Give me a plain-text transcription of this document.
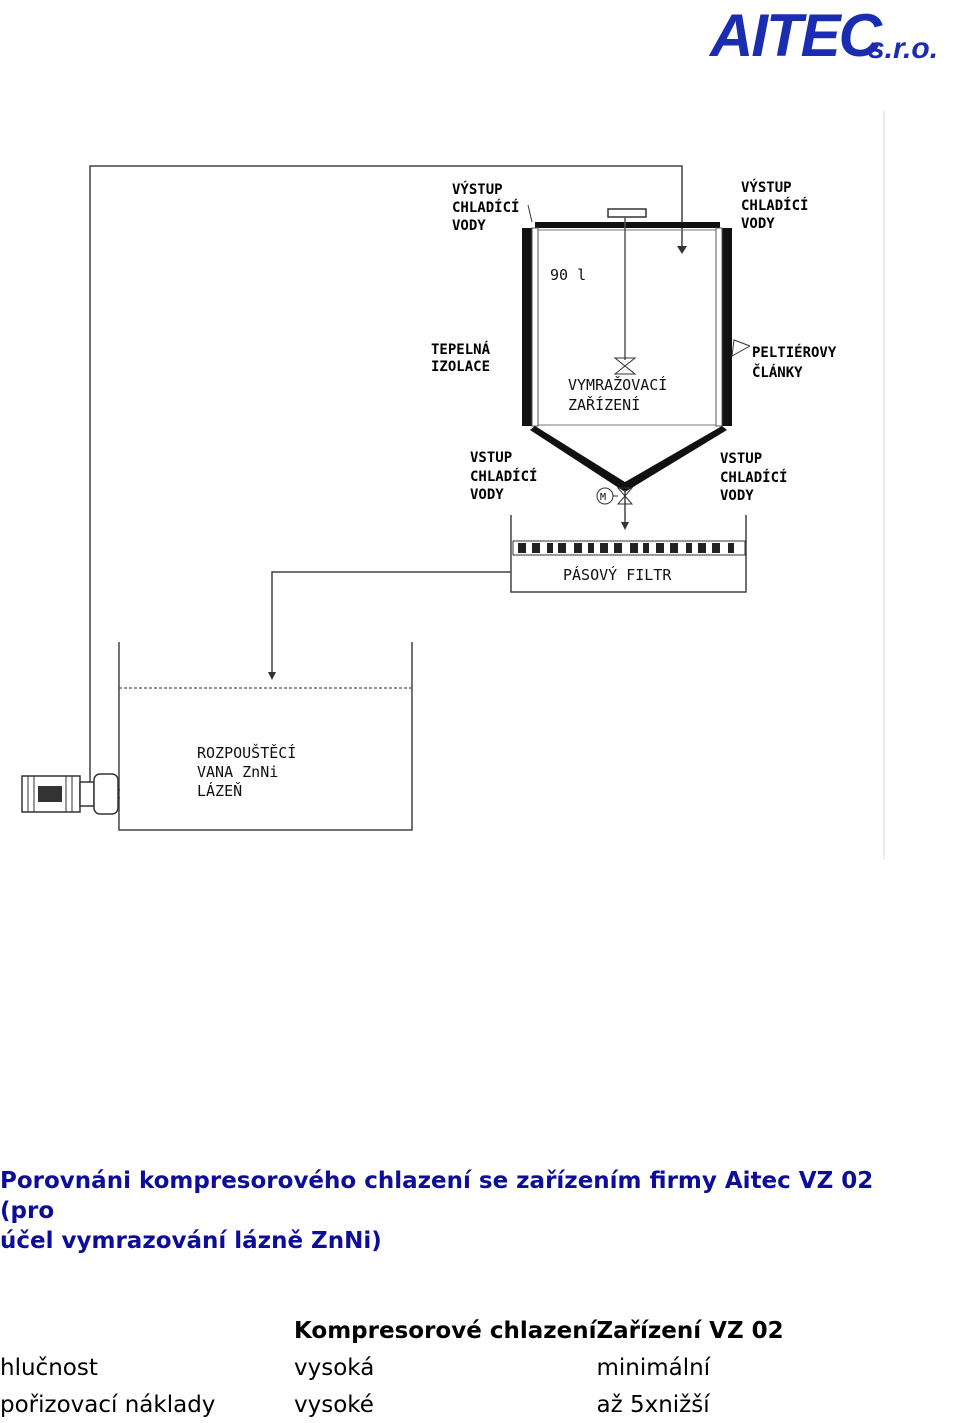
AITEC
s.r.o.
M
VÝSTUP CHLADÍCÍ VODY
VÝSTUP CHLADÍCÍ VODY
90 l
TEPELNÁ IZOLACE
PELTIÉROVY ČLÁNKY
VYMRAŽOVACÍ ZAŘÍZENÍ
VSTUP CHLADÍCÍ VODY
VSTUP CHLADÍCÍ VODY
PÁSOVÝ FILTR
ROZPOUŠTĚCÍ VANA ZnNi LÁZEŇ
Porovnáni kompresorového chlazení se zařízením firmy Aitec VZ 02 (pro
účel vymrazování lázně ZnNi)
	Kompresorové chlazení	Zařízení VZ 02
hlučnost	vysoká	minimální
pořizovací náklady	vysoké	až 5xnižší
